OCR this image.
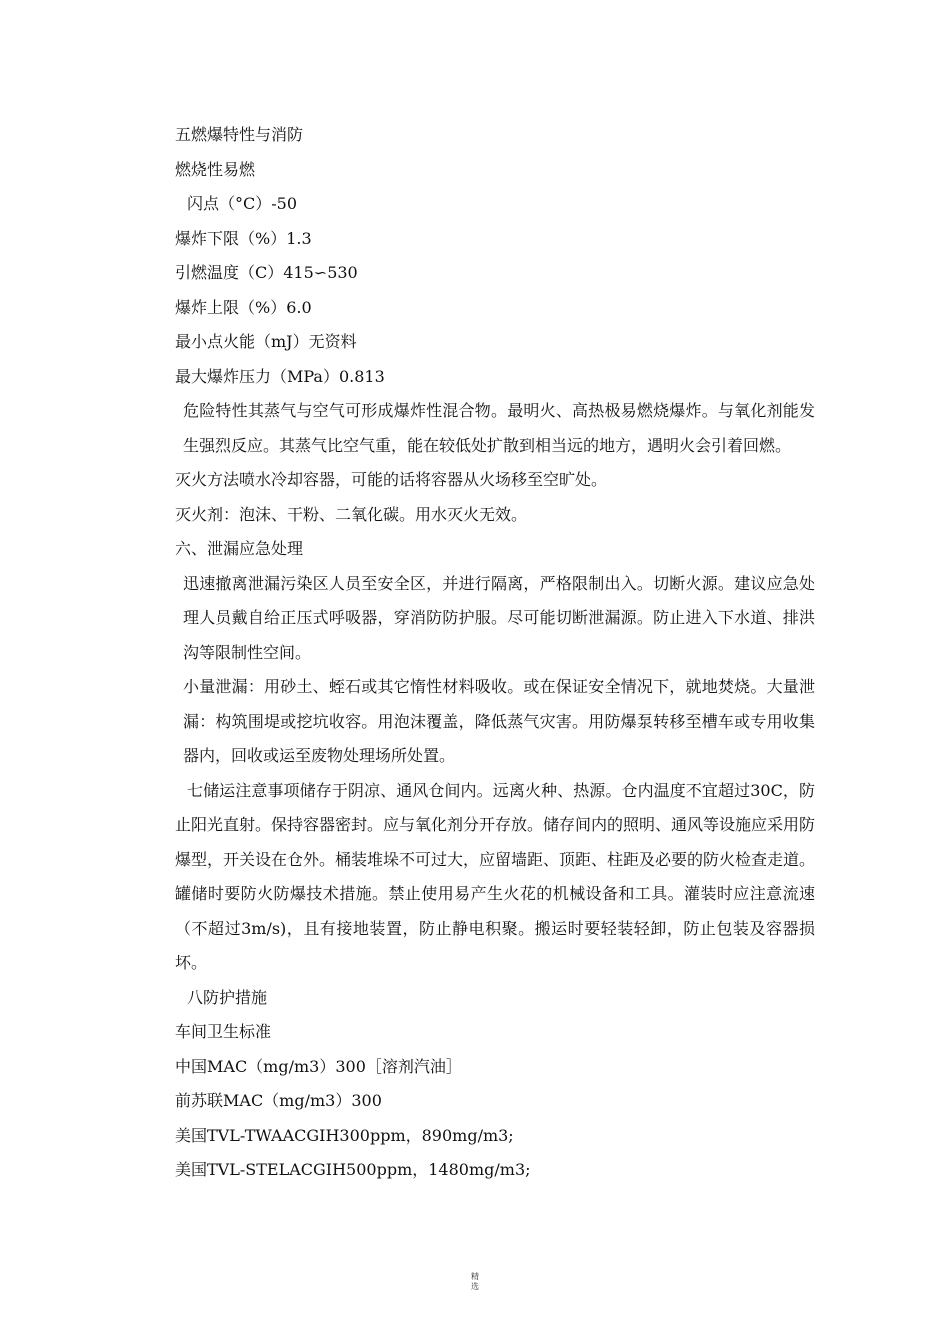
五燃爆特性与消防
燃烧性易燃
闪点（°C）-50
爆炸下限（%）1.3
引燃温度（C）415∽530
爆炸上限（%）6.0
最小点火能（mJ）无资料
最大爆炸压力（MPa）0.813
危险特性其蒸气与空气可形成爆炸性混合物。最明火、高热极易燃烧爆炸。与氧化剂能发生强烈反应。其蒸气比空气重，能在较低处扩散到相当远的地方，遇明火会引着回燃。
灭火方法喷水冷却容器，可能的话将容器从火场移至空旷处。
灭火剂：泡沫、干粉、二氧化碳。用水灭火无效。
六、泄漏应急处理
迅速撤离泄漏污染区人员至安全区，并进行隔离，严格限制出入。切断火源。建议应急处理人员戴自给正压式呼吸器，穿消防防护服。尽可能切断泄漏源。防止进入下水道、排洪沟等限制性空间。
小量泄漏：用砂土、蛭石或其它惰性材料吸收。或在保证安全情况下，就地焚烧。大量泄漏：构筑围堤或挖坑收容。用泡沫覆盖，降低蒸气灾害。用防爆泵转移至槽车或专用收集器内，回收或运至废物处理场所处置。
七储运注意事项储存于阴凉、通风仓间内。远离火种、热源。仓内温度不宜超过30C，防止阳光直射。保持容器密封。应与氧化剂分开存放。储存间内的照明、通风等设施应采用防爆型，开关设在仓外。桶装堆垛不可过大，应留墙距、顶距、柱距及必要的防火检查走道。罐储时要防火防爆技术措施。禁止使用易产生火花的机械设备和工具。灌装时应注意流速（不超过3m/s)，且有接地装置，防止静电积聚。搬运时要轻装轻卸，防止包装及容器损坏。
八防护措施
车间卫生标准
中国MAC（mg/m3）300［溶剂汽油］
前苏联MAC（mg/m3）300
美国TVL-TWAACGIH300ppm，890mg/m3;
美国TVL-STELACGIH500ppm，1480mg/m3;
精
选
